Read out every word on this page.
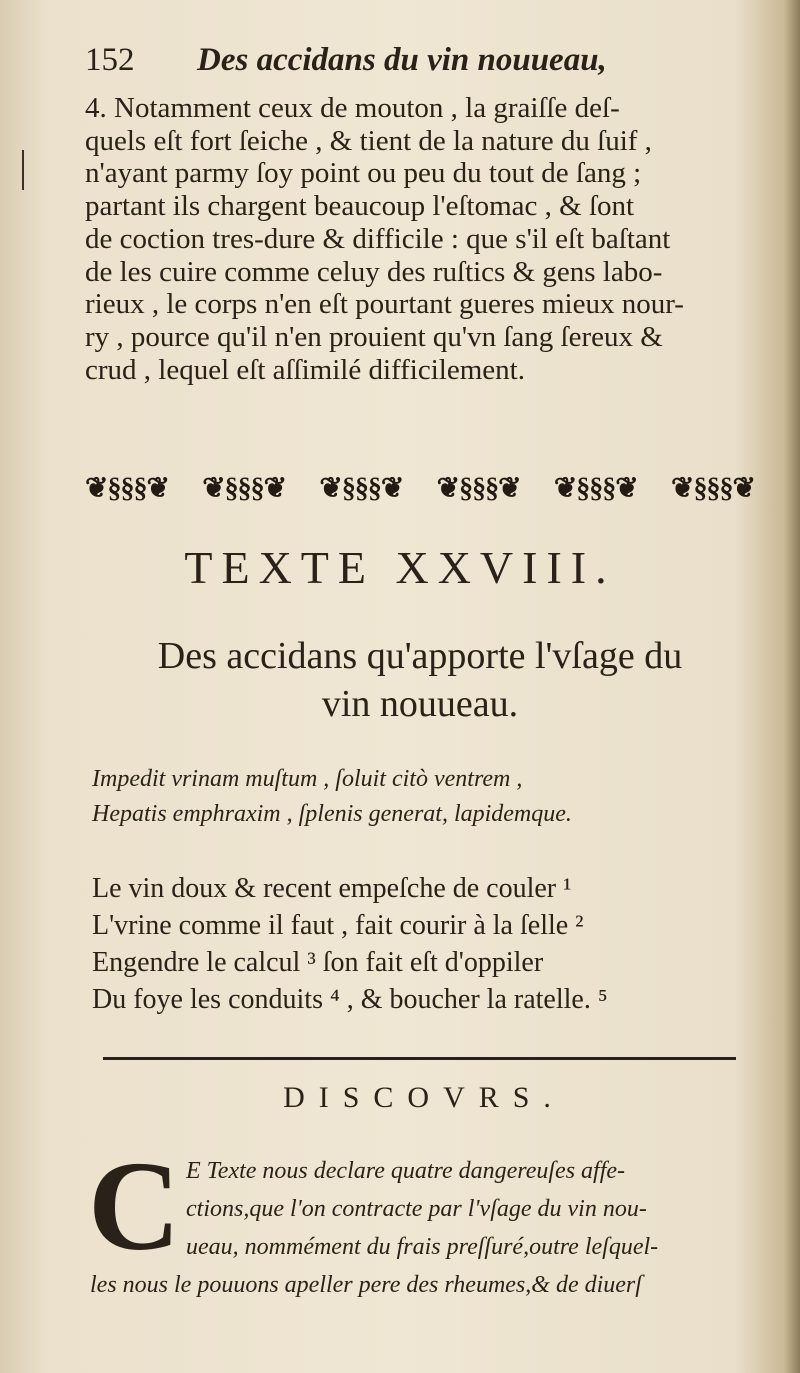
152 Des accidans du vin nouueau,
4. Notamment ceux de mouton , la graiſſe deſ-
quels eſt fort ſeiche , & tient de la nature du ſuif ,
n'ayant parmy ſoy point ou peu du tout de ſang ;
partant ils chargent beaucoup l'eſtomac , & ſont
de coction tres-dure & difficile : que s'il eſt baſtant
de les cuire comme celuy des ruſtics & gens labo-
rieux , le corps n'en eſt pourtant gueres mieux nour-
ry , pource qu'il n'en prouient qu'vn ſang ſereux &
crud , lequel eſt aſſimilé difficilement.
❦§§§❦ ❦§§§❦ ❦§§§❦ ❦§§§❦ ❦§§§❦ ❦§§§❦
TEXTE XXVIII.
Des accidans qu'apporte l'vſage du
vin nouueau.
Impedit vrinam muſtum , ſoluit citò ventrem ,
Hepatis emphraxim , ſplenis generat, lapidemque.
Le vin doux & recent empeſche de couler ¹
L'vrine comme il faut , fait courir à la ſelle ²
Engendre le calcul ³ ſon fait eſt d'oppiler
Du foye les conduits ⁴ , & boucher la ratelle. ⁵
DISCOVRS.
C E Texte nous declare quatre dangereuſes affe-
ctions,que l'on contracte par l'vſage du vin nou-
ueau, nommément du frais preſſuré,outre leſquel-
les nous le pouuons apeller pere des rheumes,& de diuerſ
